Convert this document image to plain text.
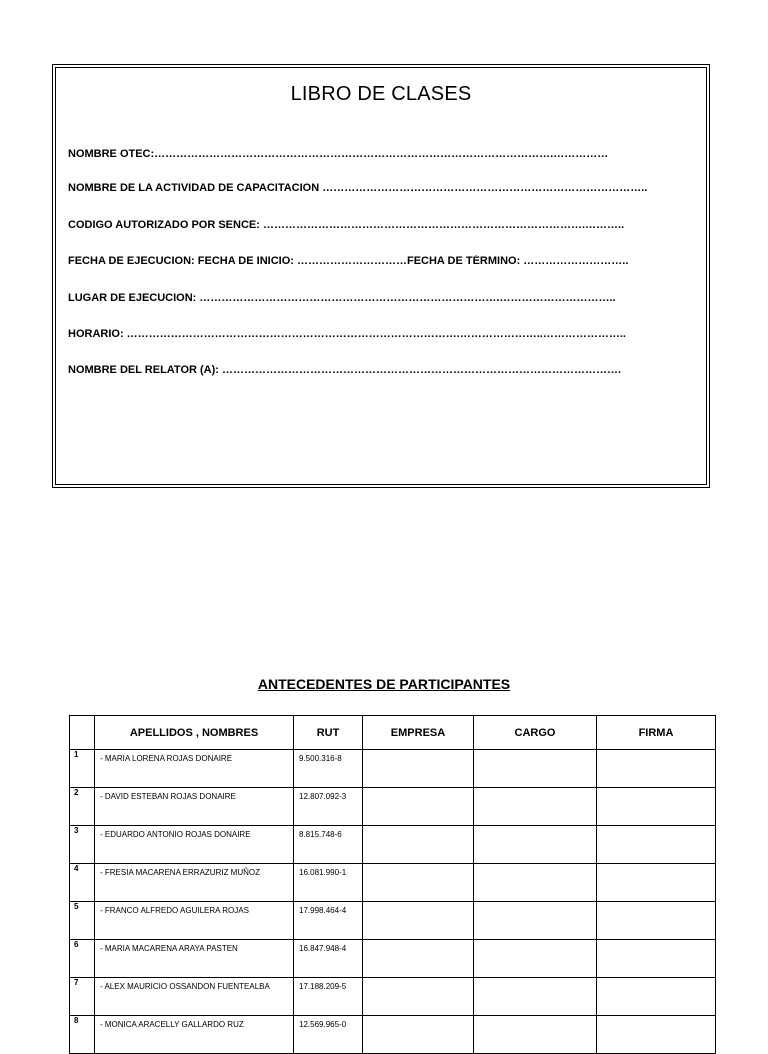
LIBRO DE CLASES
NOMBRE OTEC:……………………………………………………………………………………………….……………
NOMBRE DE LA ACTIVIDAD DE CAPACITACION ……………………………………………………………………………..
CODIGO AUTORIZADO POR SENCE: …………………………………………………………………………….………..
FECHA DE EJECUCION: FECHA DE INICIO: …………………………FECHA DE TÉRMINO: ………………………..
LUGAR DE EJECUCION: ……………………………………………………………………….…………………………..
HORARIO: ……………………………………………………………………………….…………………..…………………..
NOMBRE DEL RELATOR (A): ……………………………………………………………………………………………….
ANTECEDENTES DE PARTICIPANTES
	APELLIDOS , NOMBRES	RUT	EMPRESA	CARGO	FIRMA
1	- MARIA LORENA ROJAS DONAIRE	9.500.316-8			
2	- DAVID ESTEBAN ROJAS DONAIRE	12.807.092-3			
3	- EDUARDO ANTONIO ROJAS DONAIRE	8.815.748-6			
4	- FRESIA MACARENA ERRAZURIZ MUÑOZ	16.081.990-1			
5	- FRANCO ALFREDO AGUILERA ROJAS	17.998.464-4			
6	- MARIA MACARENA ARAYA PASTEN	16.847.948-4			
7	- ALEX MAURICIO OSSANDON FUENTEALBA	17.188.209-5			
8	- MONICA ARACELLY GALLARDO RUZ	12.569.965-0			
